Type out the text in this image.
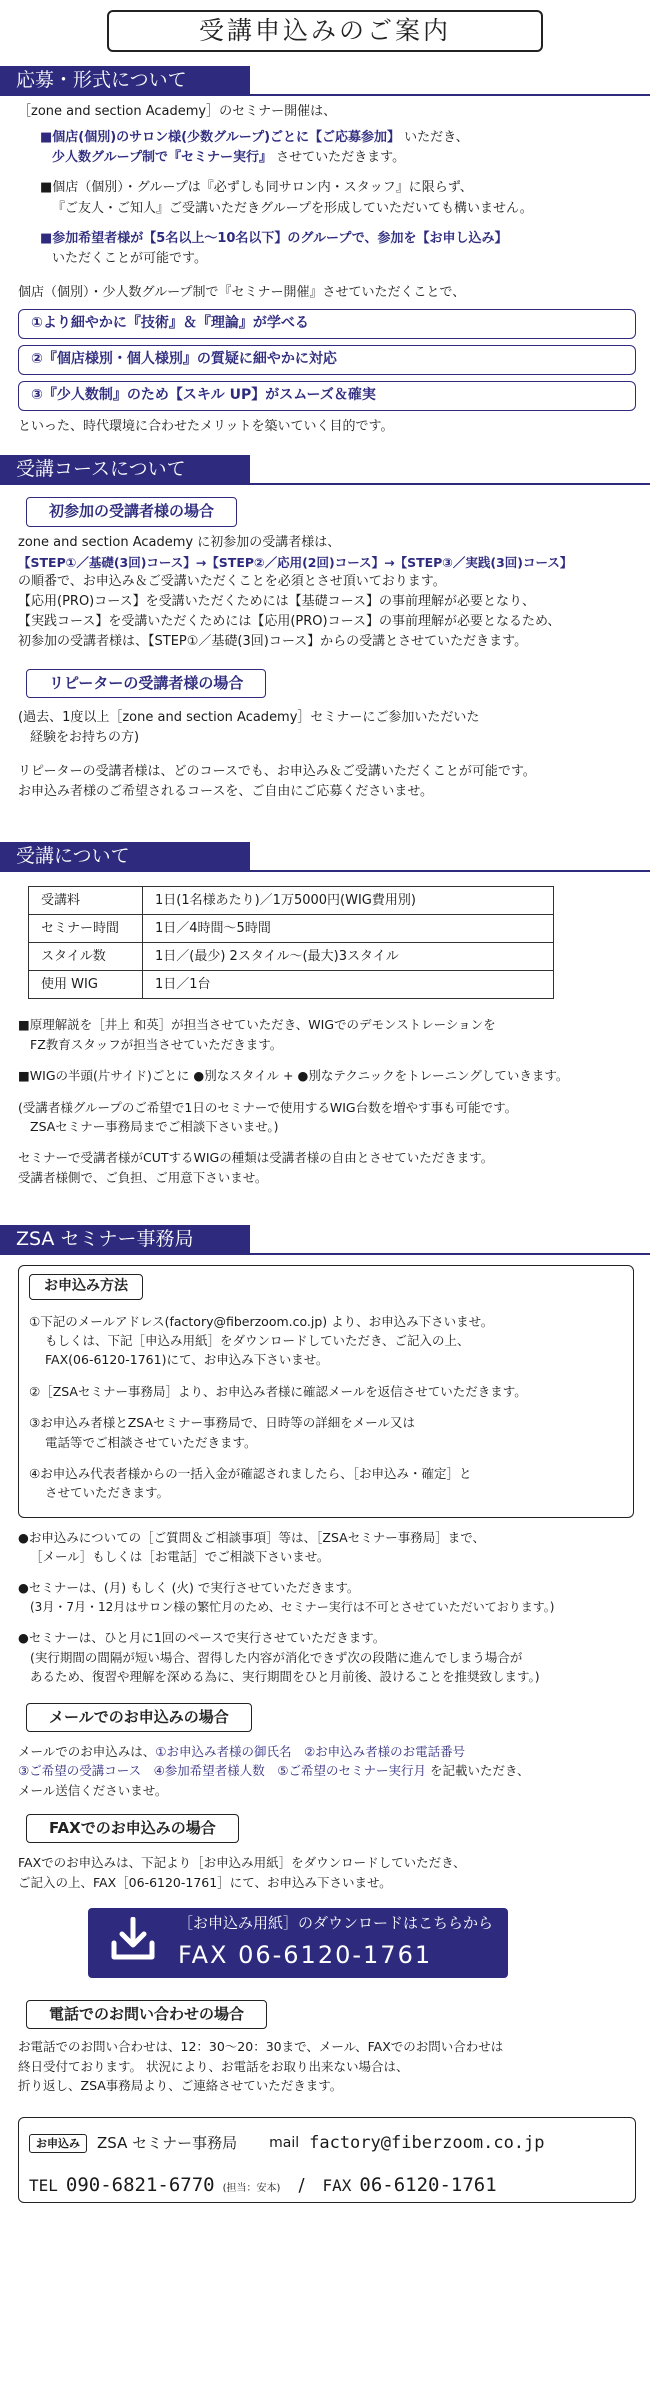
受講申込みのご案内
応募・形式について
［zone and section Academy］のセミナー開催は、
■個店(個別)のサロン様(少数グループ)ごとに【ご応募参加】 いただき、
少人数グループ制で『セミナー実行』 させていただきます。
■個店（個別）・グループは『必ずしも同サロン内・スタッフ』に限らず、
『ご友人・ご知人』ご受講いただきグループを形成していただいても構いません。
■参加希望者様が【5名以上～10名以下】のグループで、参加を【お申し込み】
いただくことが可能です。
個店（個別）・少人数グループ制で『セミナー開催』させていただくことで、
①より細やかに『技術』＆『理論』が学べる
②『個店様別・個人様別』の質疑に細やかに対応
③『少人数制』のため【スキル UP】がスムーズ＆確実
といった、時代環境に合わせたメリットを築いていく目的です。
受講コースについて
初参加の受講者様の場合
zone and section Academy に初参加の受講者様は、
【STEP①／基礎(3回)コース】→【STEP②／応用(2回)コース】→【STEP③／実践(3回)コース】
の順番で、お申込み＆ご受講いただくことを必須とさせ頂いております。
【応用(PRO)コース】を受講いただくためには【基礎コース】の事前理解が必要となり、
【実践コース】を受講いただくためには【応用(PRO)コース】の事前理解が必要となるため、
初参加の受講者様は、【STEP①／基礎(3回)コース】からの受講とさせていただきます。
リピーターの受講者様の場合
(過去、1度以上［zone and section Academy］セミナーにご参加いただいた
経験をお持ちの方)
リピーターの受講者様は、どのコースでも、お申込み＆ご受講いただくことが可能です。
お申込み者様のご希望されるコースを、ご自由にご応募くださいませ。
受講について
受講料	1日(1名様あたり)／1万5000円(WIG費用別)
セミナー時間	1日／4時間～5時間
スタイル数	1日／(最少) 2スタイル～(最大)3スタイル
使用 WIG	1日／1台
■原理解説を［井上 和英］が担当させていただき、WIGでのデモンストレーションを
FZ教育スタッフが担当させていただきます。
■WIGの半頭(片サイド)ごとに ●別なスタイル + ●別なテクニックをトレーニングしていきます。
(受講者様グループのご希望で1日のセミナーで使用するWIG台数を増やす事も可能です。
ZSAセミナー事務局までご相談下さいませ。)
セミナーで受講者様がCUTするWIGの種類は受講者様の自由とさせていただきます。
受講者様側で、ご負担、ご用意下さいませ。
ZSA セミナー事務局
お申込み方法
①下記のメールアドレス(factory@fiberzoom.co.jp) より、お申込み下さいませ。
もしくは、下記［申込み用紙］をダウンロードしていただき、ご記入の上、
FAX(06-6120-1761)にて、お申込み下さいませ。
②［ZSAセミナー事務局］より、お申込み者様に確認メールを返信させていただきます。
③お申込み者様とZSAセミナー事務局で、日時等の詳細をメール又は
電話等でご相談させていただきます。
④お申込み代表者様からの一括入金が確認されましたら、［お申込み・確定］と
させていただきます。
●お申込みについての［ご質問＆ご相談事項］等は、［ZSAセミナー事務局］まで、
［メール］もしくは［お電話］でご相談下さいませ。
●セミナーは、(月) もしく (火) で実行させていただきます。
(3月・7月・12月はサロン様の繁忙月のため、セミナー実行は不可とさせていただいております。)
●セミナーは、ひと月に1回のペースで実行させていただきます。
(実行期間の間隔が短い場合、習得した内容が消化できず次の段階に進んでしまう場合が
あるため、復習や理解を深める為に、実行期間をひと月前後、設けることを推奨致します。)
メールでのお申込みの場合
メールでのお申込みは、①お申込み者様の御氏名　②お申込み者様のお電話番号
③ご希望の受講コース　④参加希望者様人数　⑤ご希望のセミナー実行月 を記載いただき、
メール送信くださいませ。
FAXでのお申込みの場合
FAXでのお申込みは、下記より［お申込み用紙］をダウンロードしていただき、
ご記入の上、FAX［06-6120-1761］にて、お申込み下さいませ。
［お申込み用紙］のダウンロードはこちらから
FAX 06-6120-1761
電話でのお問い合わせの場合
お電話でのお問い合わせは、12：30～20：30まで、メール、FAXでのお問い合わせは
終日受付ております。 状況により、お電話をお取り出来ない場合は、
折り返し、ZSA事務局より、ご連絡させていただきます。
お申込み	ZSA セミナー事務局 mail factory@fiberzoom.co.jp
TEL 090-6821-6770 (担当：安本) / FAX 06-6120-1761
